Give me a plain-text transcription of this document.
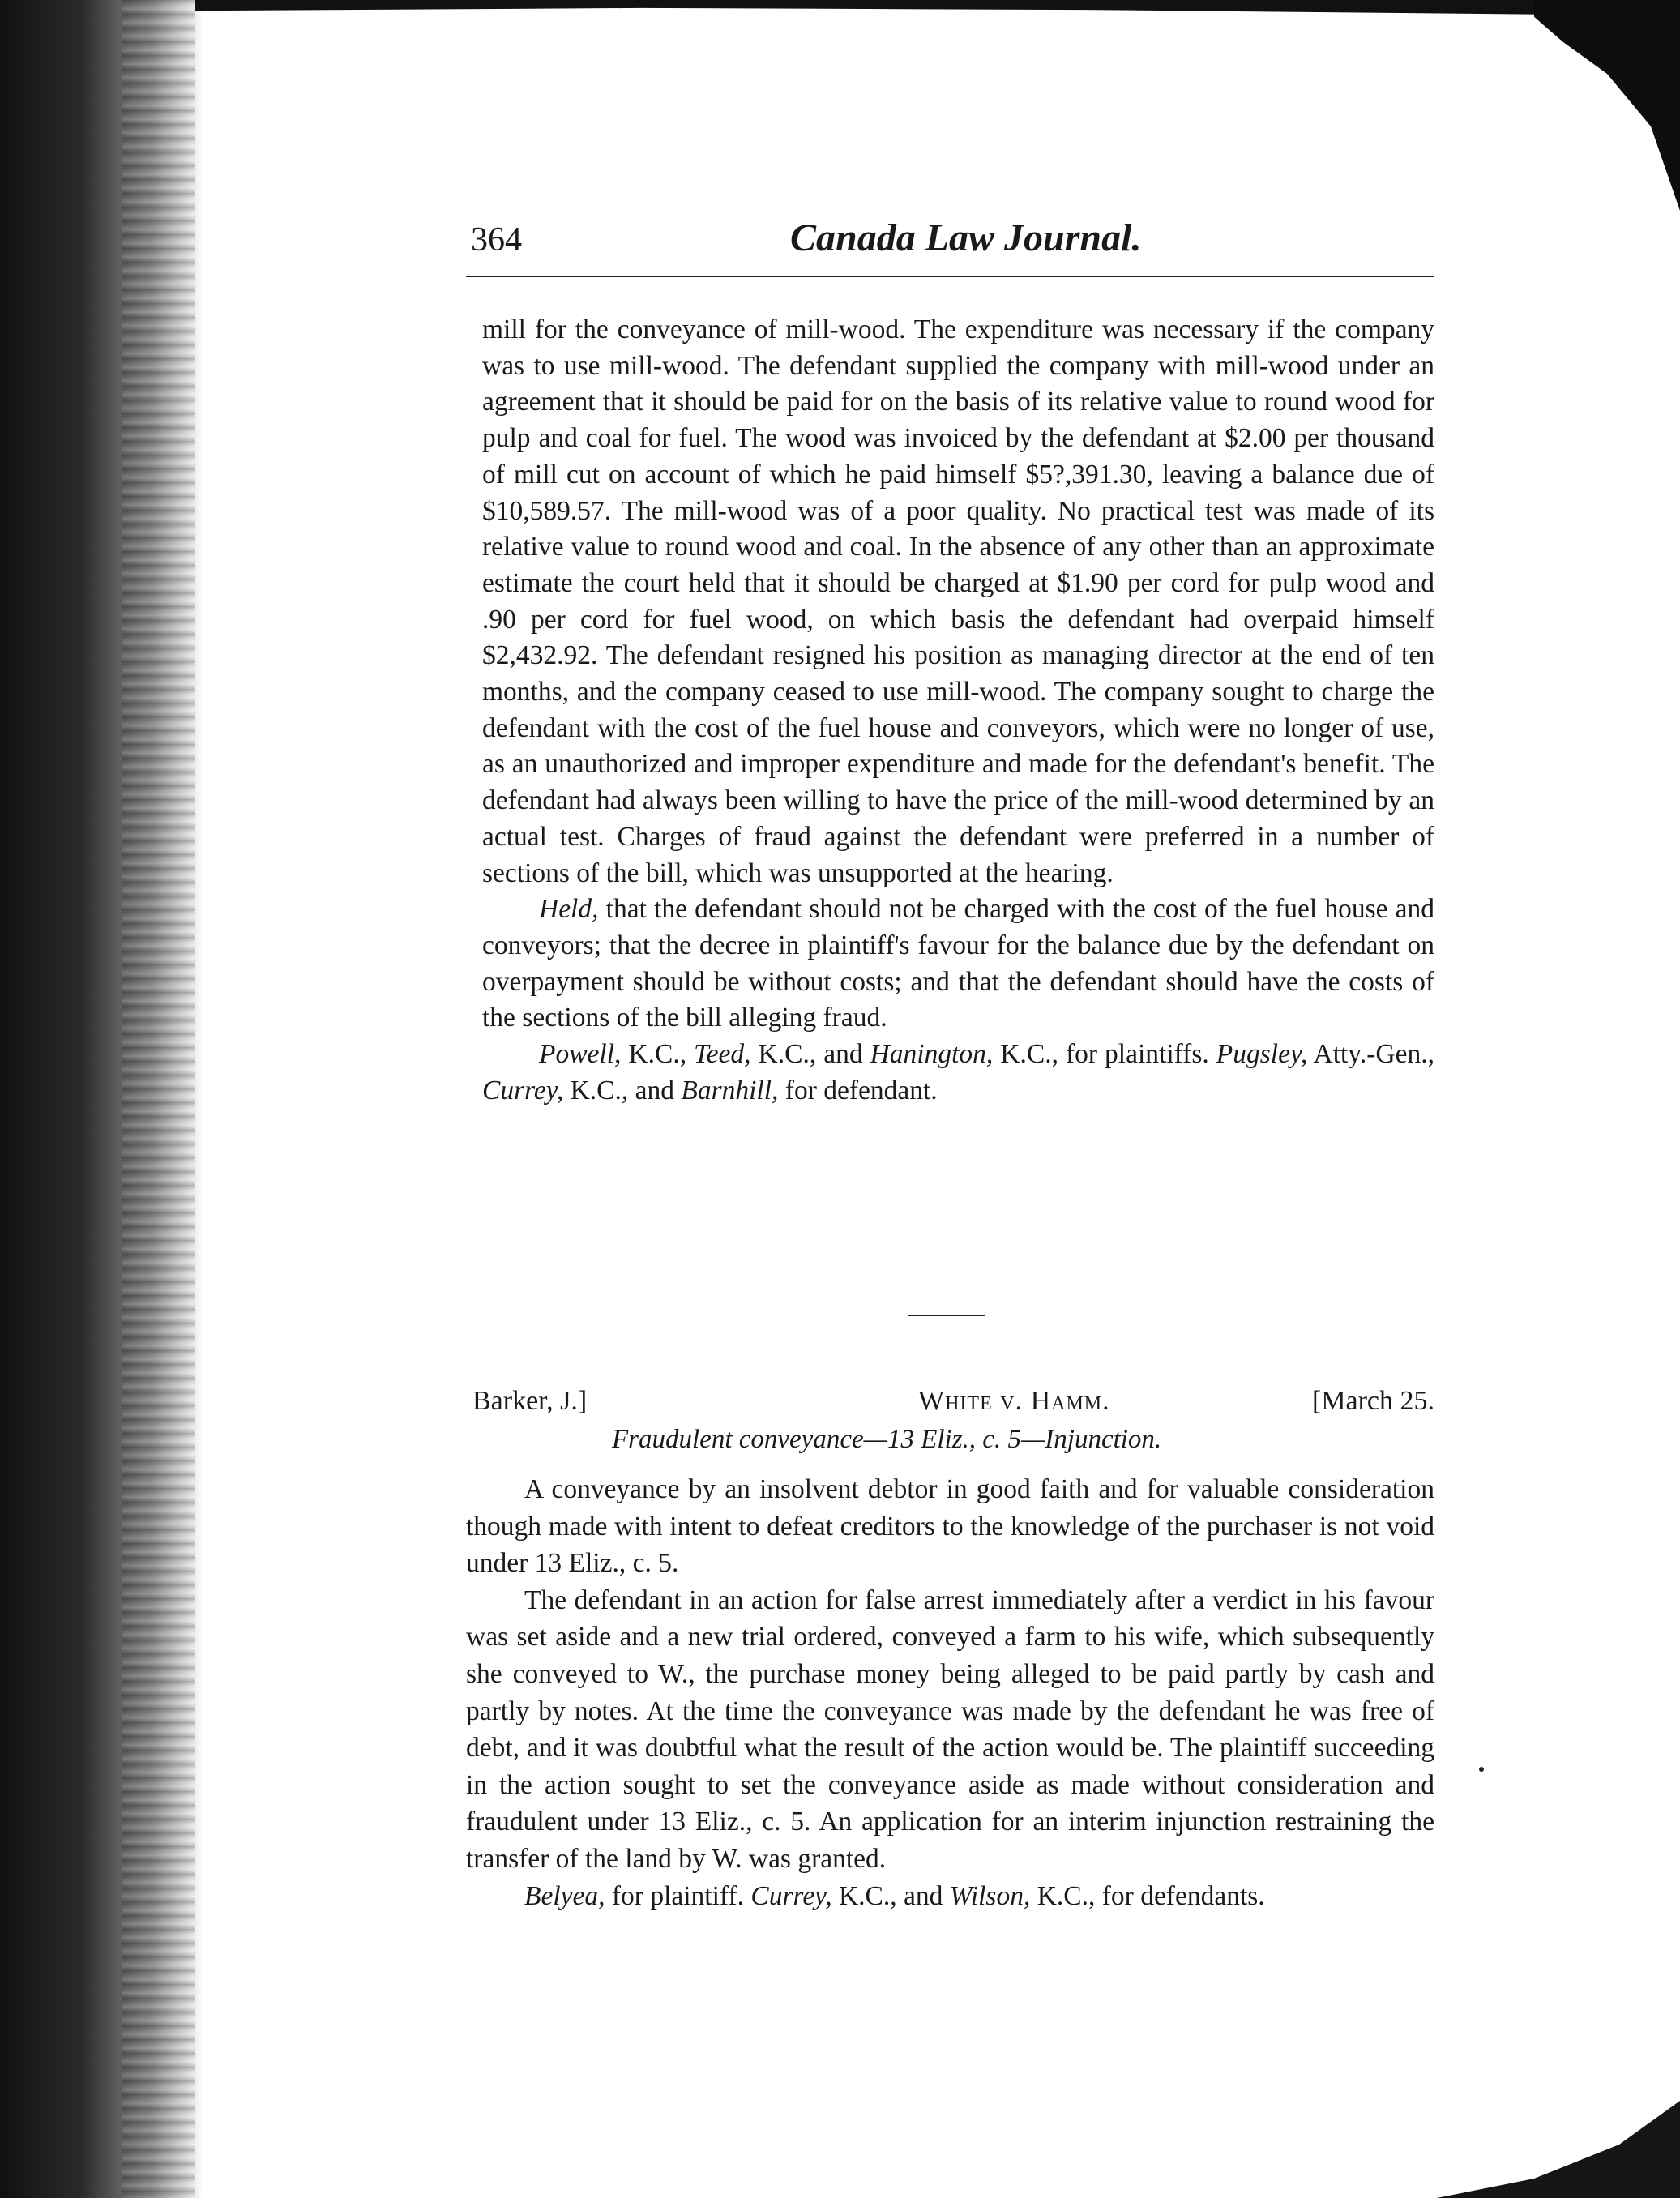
364	Canada Law Journal.

mill for the conveyance of mill-wood. The expenditure was necessary if the company was to use mill-wood. The defendant supplied the company with mill-wood under an agreement that it should be paid for on the basis of its relative value to round wood for pulp and coal for fuel. The wood was invoiced by the defendant at $2.00 per thousand of mill cut on account of which he paid himself $5?,391.30, leaving a balance due of $10,589.57. The mill-wood was of a poor quality. No practical test was made of its relative value to round wood and coal. In the absence of any other than an approximate estimate the court held that it should be charged at $1.90 per cord for pulp wood and .90 per cord for fuel wood, on which basis the defendant had overpaid himself $2,432.92. The defendant resigned his position as managing director at the end of ten months, and the company ceased to use mill-wood. The company sought to charge the defendant with the cost of the fuel house and conveyors, which were no longer of use, as an unauthorized and improper expenditure and made for the defendant's benefit. The defendant had always been willing to have the price of the mill-wood determined by an actual test. Charges of fraud against the defendant were preferred in a number of sections of the bill, which was unsupported at the hearing.

Held, that the defendant should not be charged with the cost of the fuel house and conveyors; that the decree in plaintiff's favour for the balance due by the defendant on overpayment should be without costs; and that the defendant should have the costs of the sections of the bill alleging fraud.

Powell, K.C., Teed, K.C., and Hanington, K.C., for plaintiffs. Pugsley, Atty.-Gen., Currey, K.C., and Barnhill, for defendant.

Barker, J.]	White v. Hamm.	[March 25.
Fraudulent conveyance—13 Eliz., c. 5—Injunction.

A conveyance by an insolvent debtor in good faith and for valuable consideration though made with intent to defeat creditors to the knowledge of the purchaser is not void under 13 Eliz., c. 5.

The defendant in an action for false arrest immediately after a verdict in his favour was set aside and a new trial ordered, conveyed a farm to his wife, which subsequently she conveyed to W., the purchase money being alleged to be paid partly by cash and partly by notes. At the time the conveyance was made by the defendant he was free of debt, and it was doubtful what the result of the action would be. The plaintiff succeeding in the action sought to set the conveyance aside as made without consideration and fraudulent under 13 Eliz., c. 5. An application for an interim injunction restraining the transfer of the land by W. was granted.

Belyea, for plaintiff. Currey, K.C., and Wilson, K.C., for defendants.
